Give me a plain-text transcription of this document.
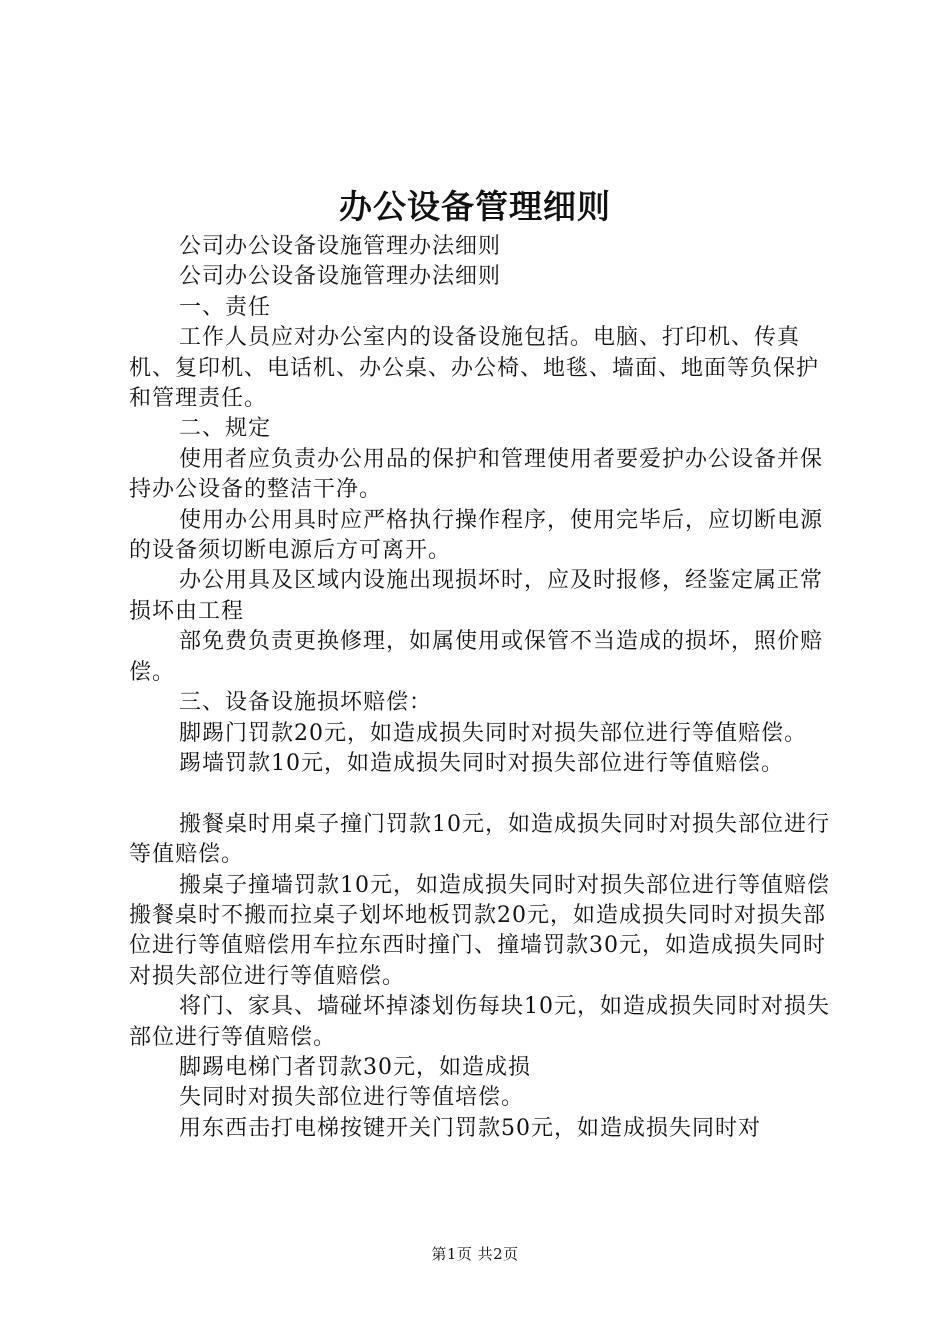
办公设备管理细则

公司办公设备设施管理办法细则

公司办公设备设施管理办法细则

一、责任

工作人员应对办公室内的设备设施包括。电脑、打印机、传真机、复印机、电话机、办公桌、办公椅、地毯、墙面、地面等负保护和管理责任。

二、规定

使用者应负责办公用品的保护和管理使用者要爱护办公设备并保持办公设备的整洁干净。

使用办公用具时应严格执行操作程序，使用完毕后，应切断电源的设备须切断电源后方可离开。

办公用具及区域内设施出现损坏时，应及时报修，经鉴定属正常损坏由工程

部免费负责更换修理，如属使用或保管不当造成的损坏，照价赔偿。

三、设备设施损坏赔偿：

脚踢门罚款20元，如造成损失同时对损失部位进行等值赔偿。

踢墙罚款10元，如造成损失同时对损失部位进行等值赔偿。

搬餐桌时用桌子撞门罚款10元，如造成损失同时对损失部位进行等值赔偿。

搬桌子撞墙罚款10元，如造成损失同时对损失部位进行等值赔偿搬餐桌时不搬而拉桌子划坏地板罚款20元，如造成损失同时对损失部位进行等值赔偿用车拉东西时撞门、撞墙罚款30元，如造成损失同时对损失部位进行等值赔偿。

将门、家具、墙碰坏掉漆划伤每块10元，如造成损失同时对损失部位进行等值赔偿。

脚踢电梯门者罚款30元，如造成损

失同时对损失部位进行等值培偿。

用东西击打电梯按键开关门罚款50元，如造成损失同时对

第1页 共2页
